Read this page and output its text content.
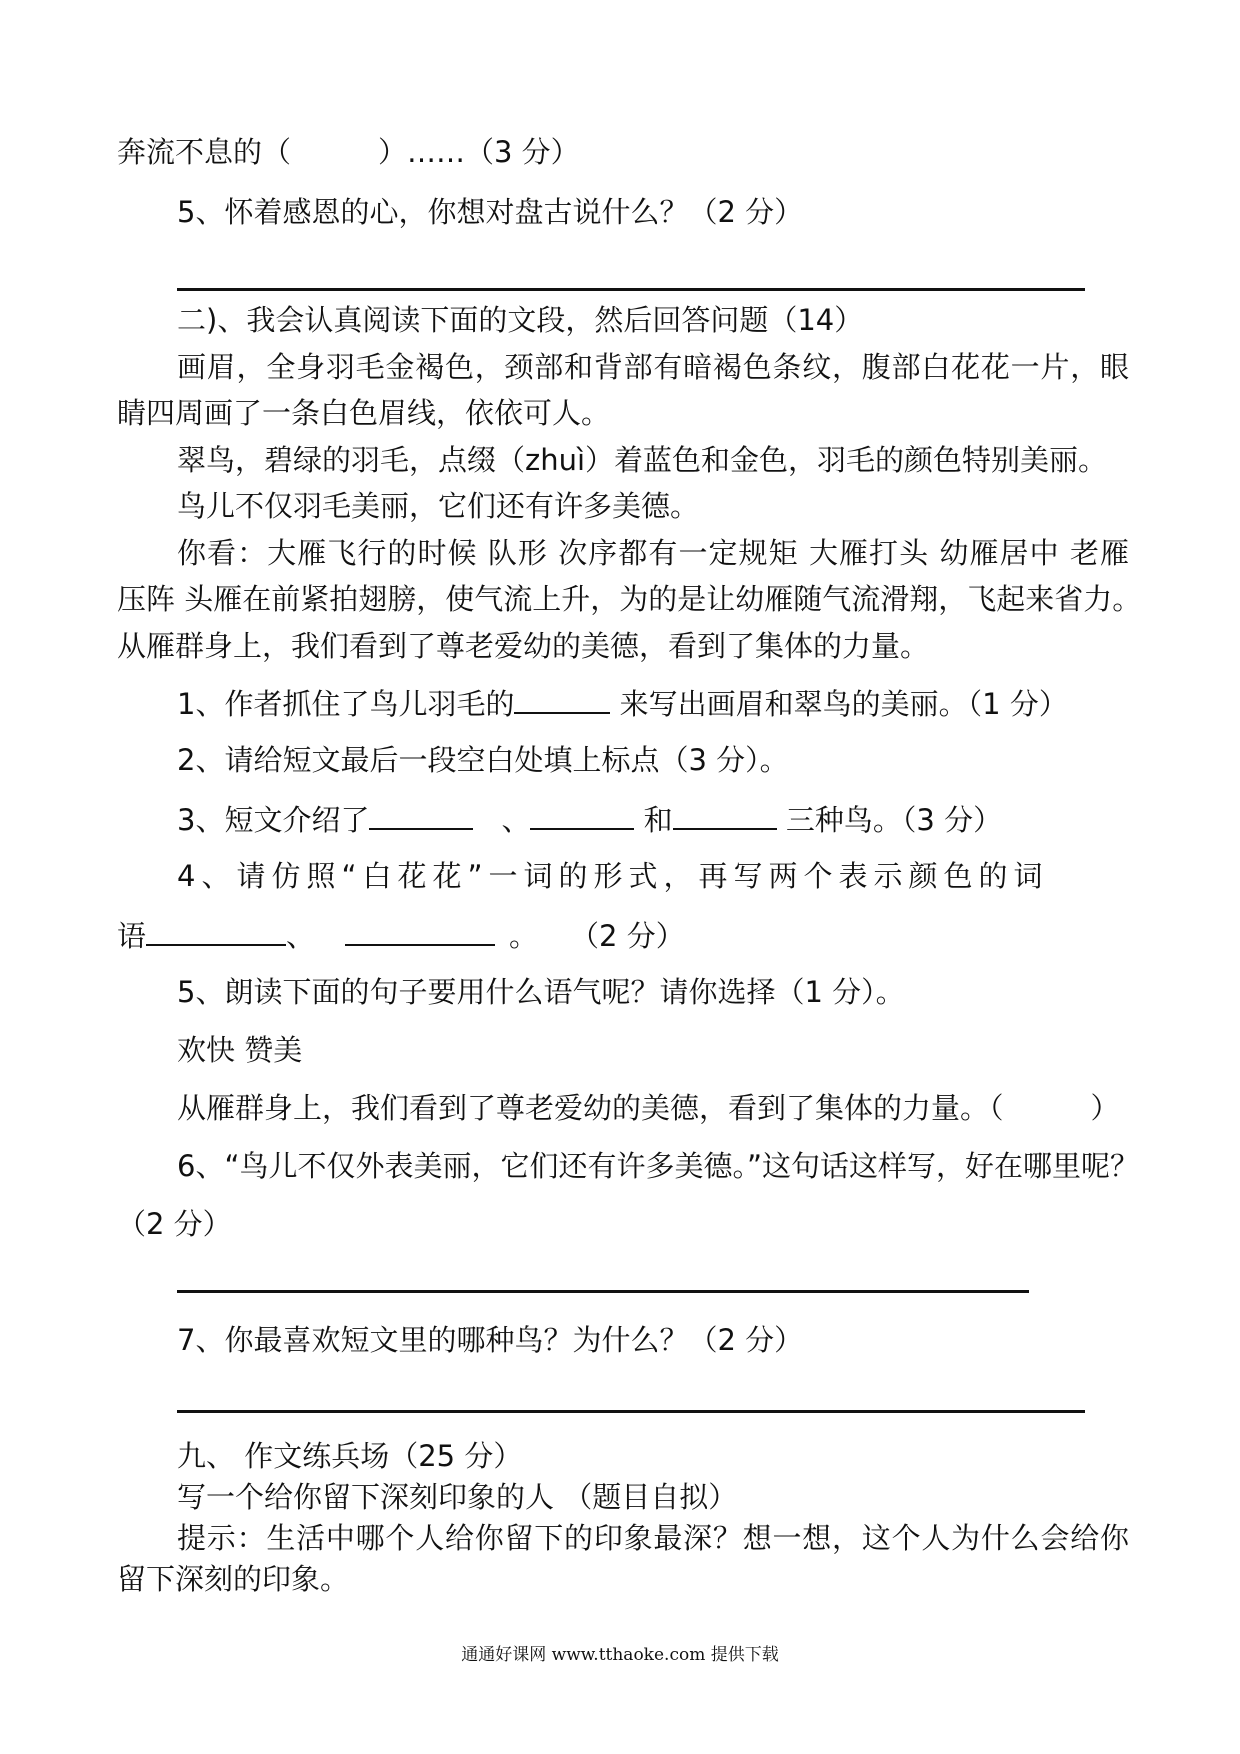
奔流不息的（　　　）……（3 分）
5、怀着感恩的心，你想对盘古说什么？（2 分）
二)、我会认真阅读下面的文段，然后回答问题（14）
画眉，全身羽毛金褐色，颈部和背部有暗褐色条纹，腹部白花花一片，眼
睛四周画了一条白色眉线，依依可人。
翠鸟，碧绿的羽毛，点缀（zhuì）着蓝色和金色，羽毛的颜色特别美丽。
鸟儿不仅羽毛美丽，它们还有许多美德。
你看：大雁飞行的时候 队形 次序都有一定规矩 大雁打头 幼雁居中 老雁
压阵 头雁在前紧拍翅膀，使气流上升，为的是让幼雁随气流滑翔，飞起来省力。
从雁群身上，我们看到了尊老爱幼的美德，看到了集体的力量。
1、作者抓住了鸟儿羽毛的	来写出画眉和翠鸟的美丽。（1 分）
2、请给短文最后一段空白处填上标点（3 分）。
3、短文介绍了	、	和	三种鸟。（3 分）
4、请仿照“白花花”一词的形式，再写两个表示颜色的词
语	、	。 （2 分）
5、朗读下面的句子要用什么语气呢？请你选择（1 分）。
欢快 赞美
从雁群身上，我们看到了尊老爱幼的美德，看到了集体的力量。（　　　）
6、“鸟儿不仅外表美丽，它们还有许多美德。”这句话这样写，好在哪里呢？
（2 分）
7、你最喜欢短文里的哪种鸟？为什么？（2 分）
九、 作文练兵场（25 分）
写一个给你留下深刻印象的人 （题目自拟）
提示：生活中哪个人给你留下的印象最深？想一想，这个人为什么会给你
留下深刻的印象。
通通好课网 www.tthaoke.com 提供下载
